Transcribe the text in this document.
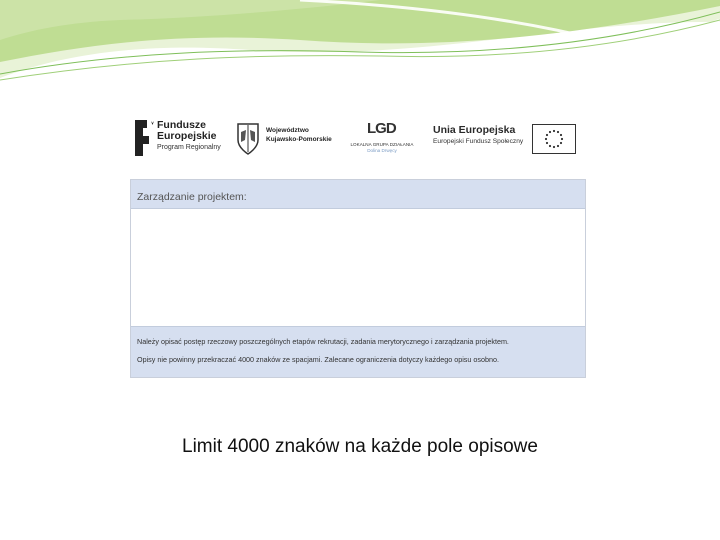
Fundusze
Europejskie
Program Regionalny
Województwo
Kujawsko-Pomorskie
LGD
LOKALNA GRUPA DZIAŁANIA
Dolina Drwęcy
Unia Europejska
Europejski Fundusz Społeczny
Zarządzanie projektem:

Należy opisać postęp rzeczowy poszczególnych etapów rekrutacji, zadania merytorycznego i zarządzania projektem.

Opisy nie powinny przekraczać 4000 znaków ze spacjami. Zalecane ograniczenia dotyczy każdego opisu osobno.

Limit 4000 znaków na każde pole opisowe
